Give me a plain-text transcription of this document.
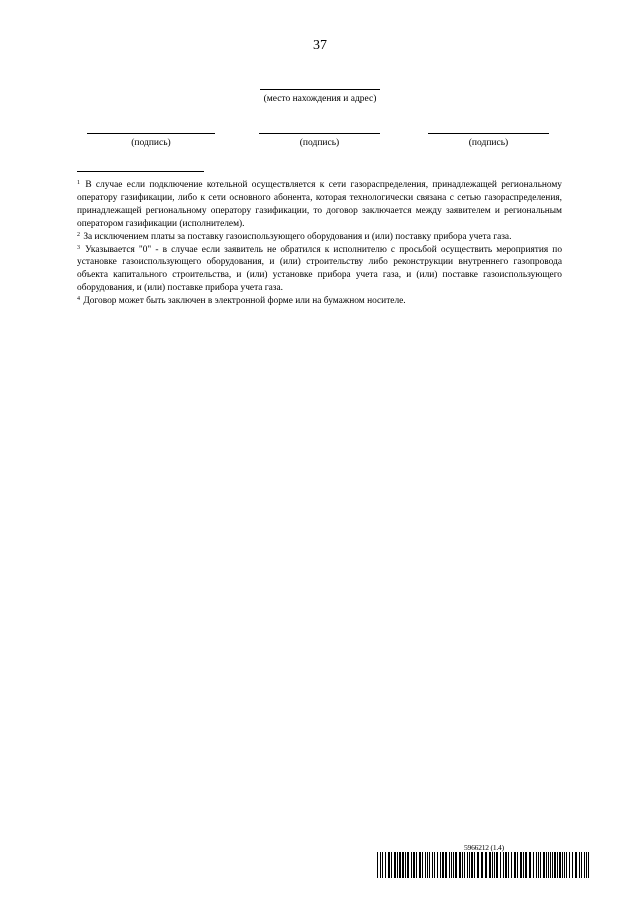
37
(место нахождения и адрес)
(подпись)	(подпись)	(подпись)

$^1$ В случае если подключение котельной осуществляется к сети газораспределения, принадлежащей региональному оператору газификации, либо к сети основного абонента, которая технологически связана с сетью газораспределения, принадлежащей региональному оператору газификации, то договор заключается между заявителем и региональным оператором газификации (исполнителем).

$^2$ За исключением платы за поставку газоиспользующего оборудования и (или) поставку прибора учета газа.

$^3$ Указывается "0" - в случае если заявитель не обратился к исполнителю с просьбой осуществить мероприятия по установке газоиспользующего оборудования, и (или) строительству либо реконструкции внутреннего газопровода объекта капитального строительства, и (или) установке прибора учета газа, и (или) поставке газоиспользующего оборудования, и (или) поставке прибора учета газа.

$^4$ Договор может быть заключен в электронной форме или на бумажном носителе.

5966212 (1.4)
